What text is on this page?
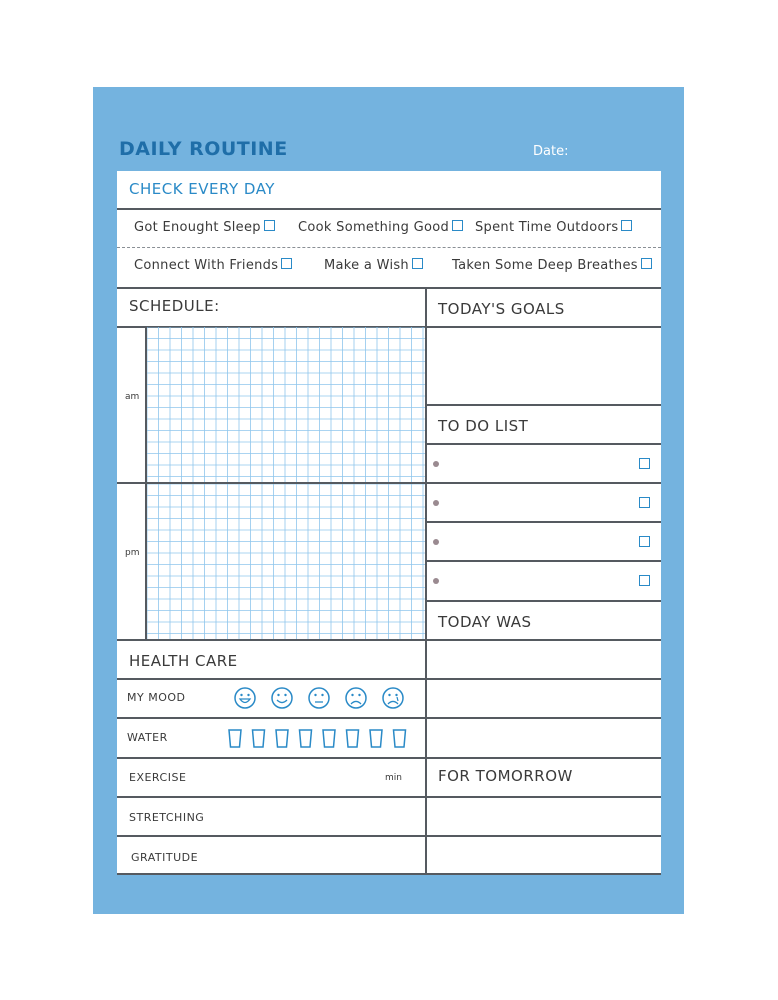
DAILY ROUTINE	Date:
CHECK EVERY DAY
Got Enought Sleep	Cook Something Good	Spent Time Outdoors
Connect With Friends	Make a Wish	Taken Some Deep Breathes
SCHEDULE:
am
pm
TODAY'S GOALS
TO DO LIST
TODAY WAS
HEALTH CARE
MY MOOD
WATER
EXERCISE	min
STRETCHING
GRATITUDE
FOR TOMORROW
